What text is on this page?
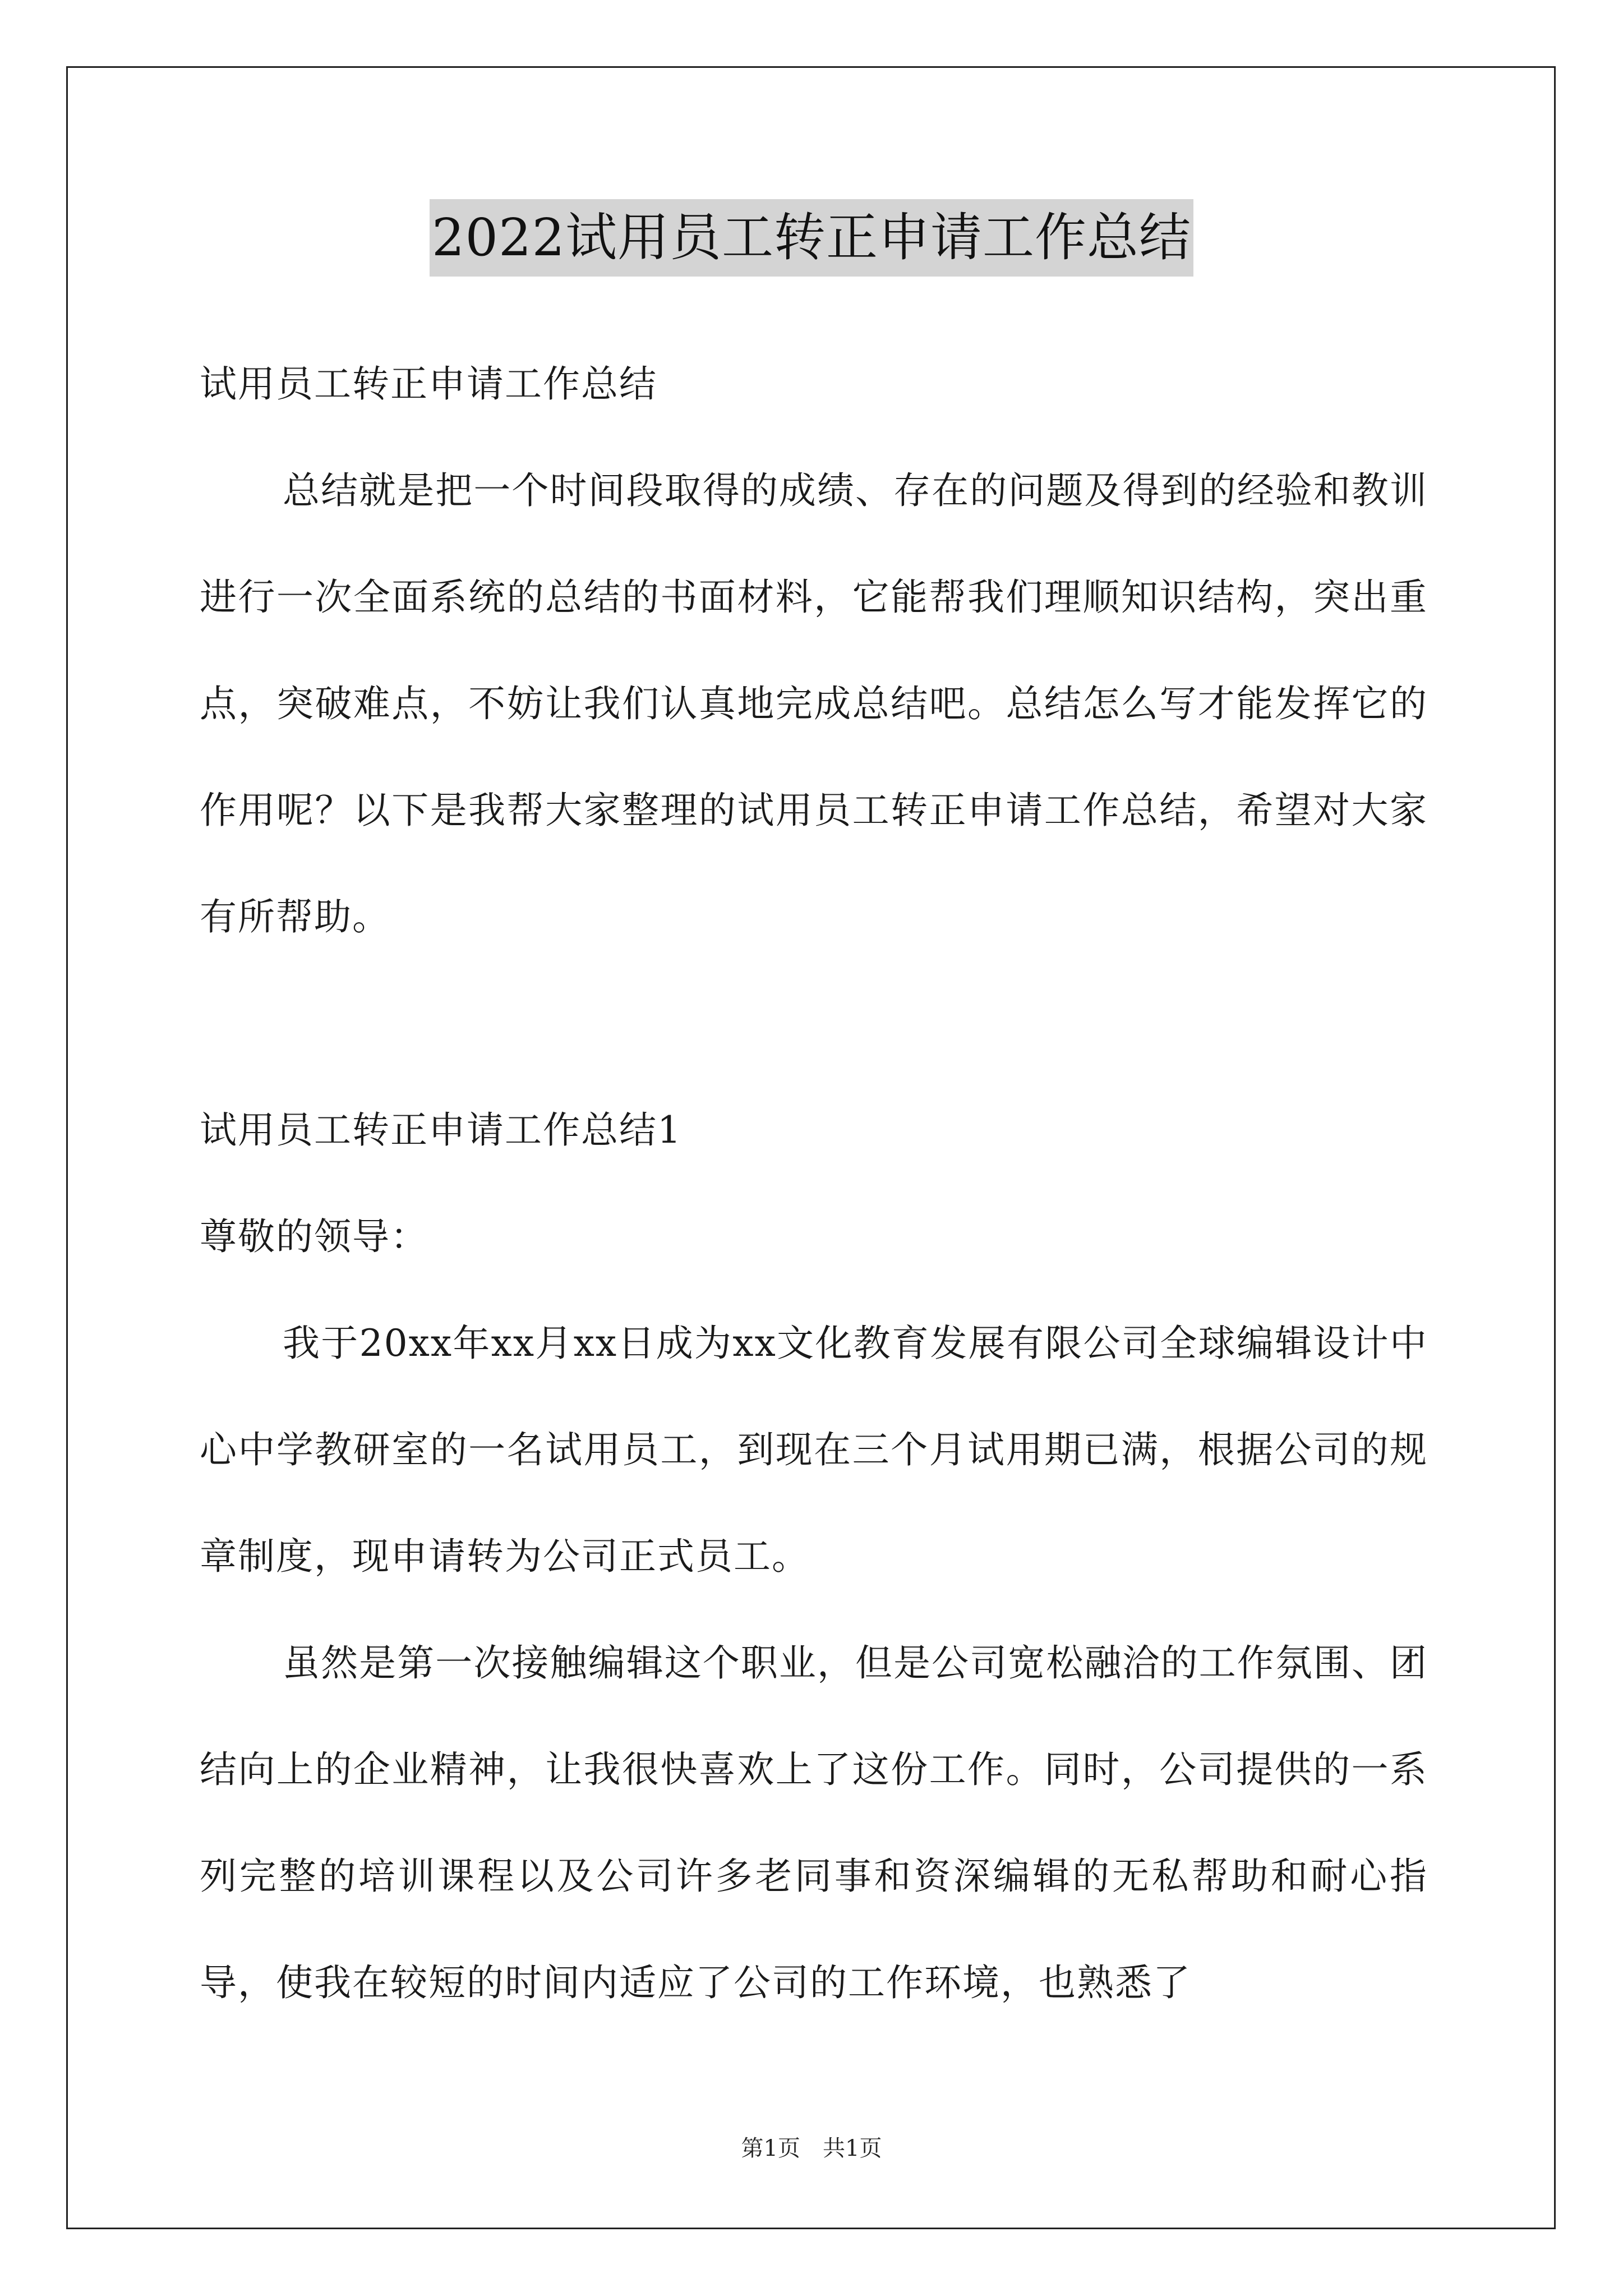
2022试用员工转正申请工作总结

试用员工转正申请工作总结

总结就是把一个时间段取得的成绩、存在的问题及得到的经验和教训进行一次全面系统的总结的书面材料，它能帮我们理顺知识结构，突出重点，突破难点，不妨让我们认真地完成总结吧。总结怎么写才能发挥它的作用呢？以下是我帮大家整理的试用员工转正申请工作总结，希望对大家有所帮助。

试用员工转正申请工作总结1

尊敬的领导：

我于20xx年xx月xx日成为xx文化教育发展有限公司全球编辑设计中心中学教研室的一名试用员工，到现在三个月试用期已满，根据公司的规章制度，现申请转为公司正式员工。

虽然是第一次接触编辑这个职业，但是公司宽松融洽的工作氛围、团结向上的企业精神，让我很快喜欢上了这份工作。同时，公司提供的一系列完整的培训课程以及公司许多老同事和资深编辑的无私帮助和耐心指导，使我在较短的时间内适应了公司的工作环境，也熟悉了

第1页　共1页
